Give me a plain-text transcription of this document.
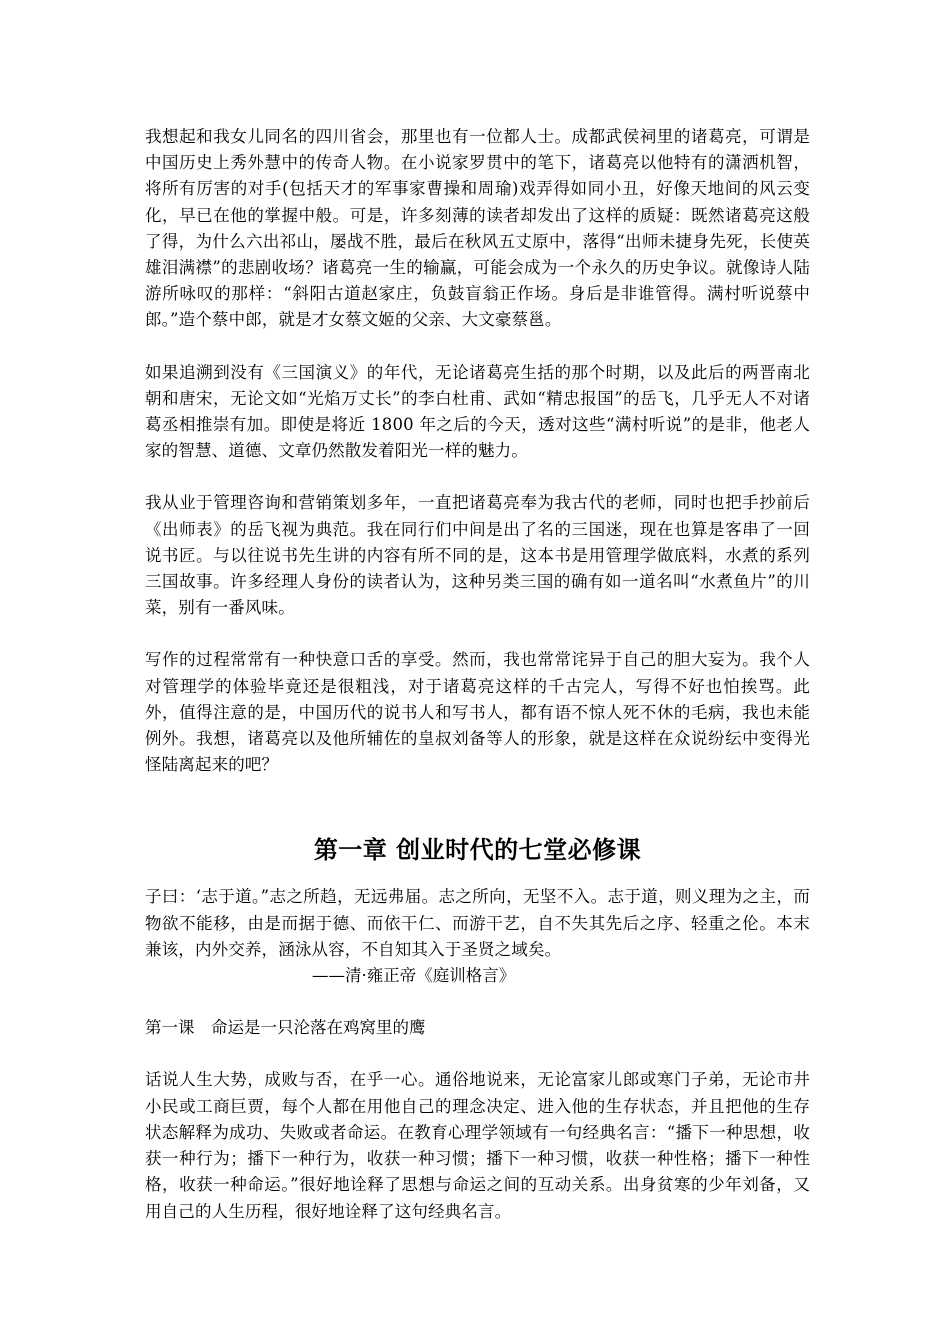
我想起和我女儿同名的四川省会，那里也有一位都人士。成都武侯祠里的诸葛亮，可谓是中国历史上秀外慧中的传奇人物。在小说家罗贯中的笔下，诸葛亮以他特有的潇洒机智，将所有厉害的对手(包括天才的军事家曹操和周瑜)戏弄得如同小丑，好像天地间的风云变化，早已在他的掌握中般。可是，许多刻薄的读者却发出了这样的质疑：既然诸葛亮这般了得，为什么六出祁山，屡战不胜，最后在秋风五丈原中，落得“出师未捷身先死，长使英雄泪满襟”的悲剧收场？诸葛亮一生的输赢，可能会成为一个永久的历史争议。就像诗人陆游所咏叹的那样：“斜阳古道赵家庄，负鼓盲翁正作场。身后是非谁管得。满村听说蔡中郎。”造个蔡中郎，就是才女蔡文姬的父亲、大文豪蔡邕。

如果追溯到没有《三国演义》的年代，无论诸葛亮生括的那个时期，以及此后的两晋南北朝和唐宋，无论文如“光焰万丈长”的李白杜甫、武如“精忠报国”的岳飞，几乎无人不对诸葛丞相推崇有加。即使是将近 1800 年之后的今天，透对这些“满村听说”的是非，他老人家的智慧、道德、文章仍然散发着阳光一样的魅力。

我从业于管理咨询和营销策划多年，一直把诸葛亮奉为我古代的老师，同时也把手抄前后《出师表》的岳飞视为典范。我在同行们中间是出了名的三国迷，现在也算是客串了一回说书匠。与以往说书先生讲的内容有所不同的是，这本书是用管理学做底料，水煮的系列三国故事。许多经理人身份的读者认为，这种另类三国的确有如一道名叫“水煮鱼片”的川菜，别有一番风味。

写作的过程常常有一种快意口舌的享受。然而，我也常常诧异于自己的胆大妄为。我个人对管理学的体验毕竟还是很粗浅，对于诸葛亮这样的千古完人，写得不好也怕挨骂。此外，值得注意的是，中国历代的说书人和写书人，都有语不惊人死不休的毛病，我也未能例外。我想，诸葛亮以及他所辅佐的皇叔刘备等人的形象，就是这样在众说纷纭中变得光怪陆离起来的吧？

第一章 创业时代的七堂必修课

子曰：‘志于道。”志之所趋，无远弗届。志之所向，无坚不入。志于道，则义理为之主，而物欲不能移，由是而据于德、而依干仁、而游干艺，自不失其先后之序、轻重之伦。本末兼该，内外交养，涵泳从容，不自知其入于圣贤之域矣。

——清·雍正帝《庭训格言》

第一课　命运是一只沦落在鸡窝里的鹰

话说人生大势，成败与否，在乎一心。通俗地说来，无论富家儿郎或寒门子弟，无论市井小民或工商巨贾，每个人都在用他自己的理念决定、进入他的生存状态，并且把他的生存状态解释为成功、失败或者命运。在教育心理学领域有一句经典名言：“播下一种思想，收获一种行为；播下一种行为，收获一种习惯；播下一种习惯，收获一种性格；播下一种性格，收获一种命运。”很好地诠释了思想与命运之间的互动关系。出身贫寒的少年刘备，又用自己的人生历程，很好地诠释了这句经典名言。
